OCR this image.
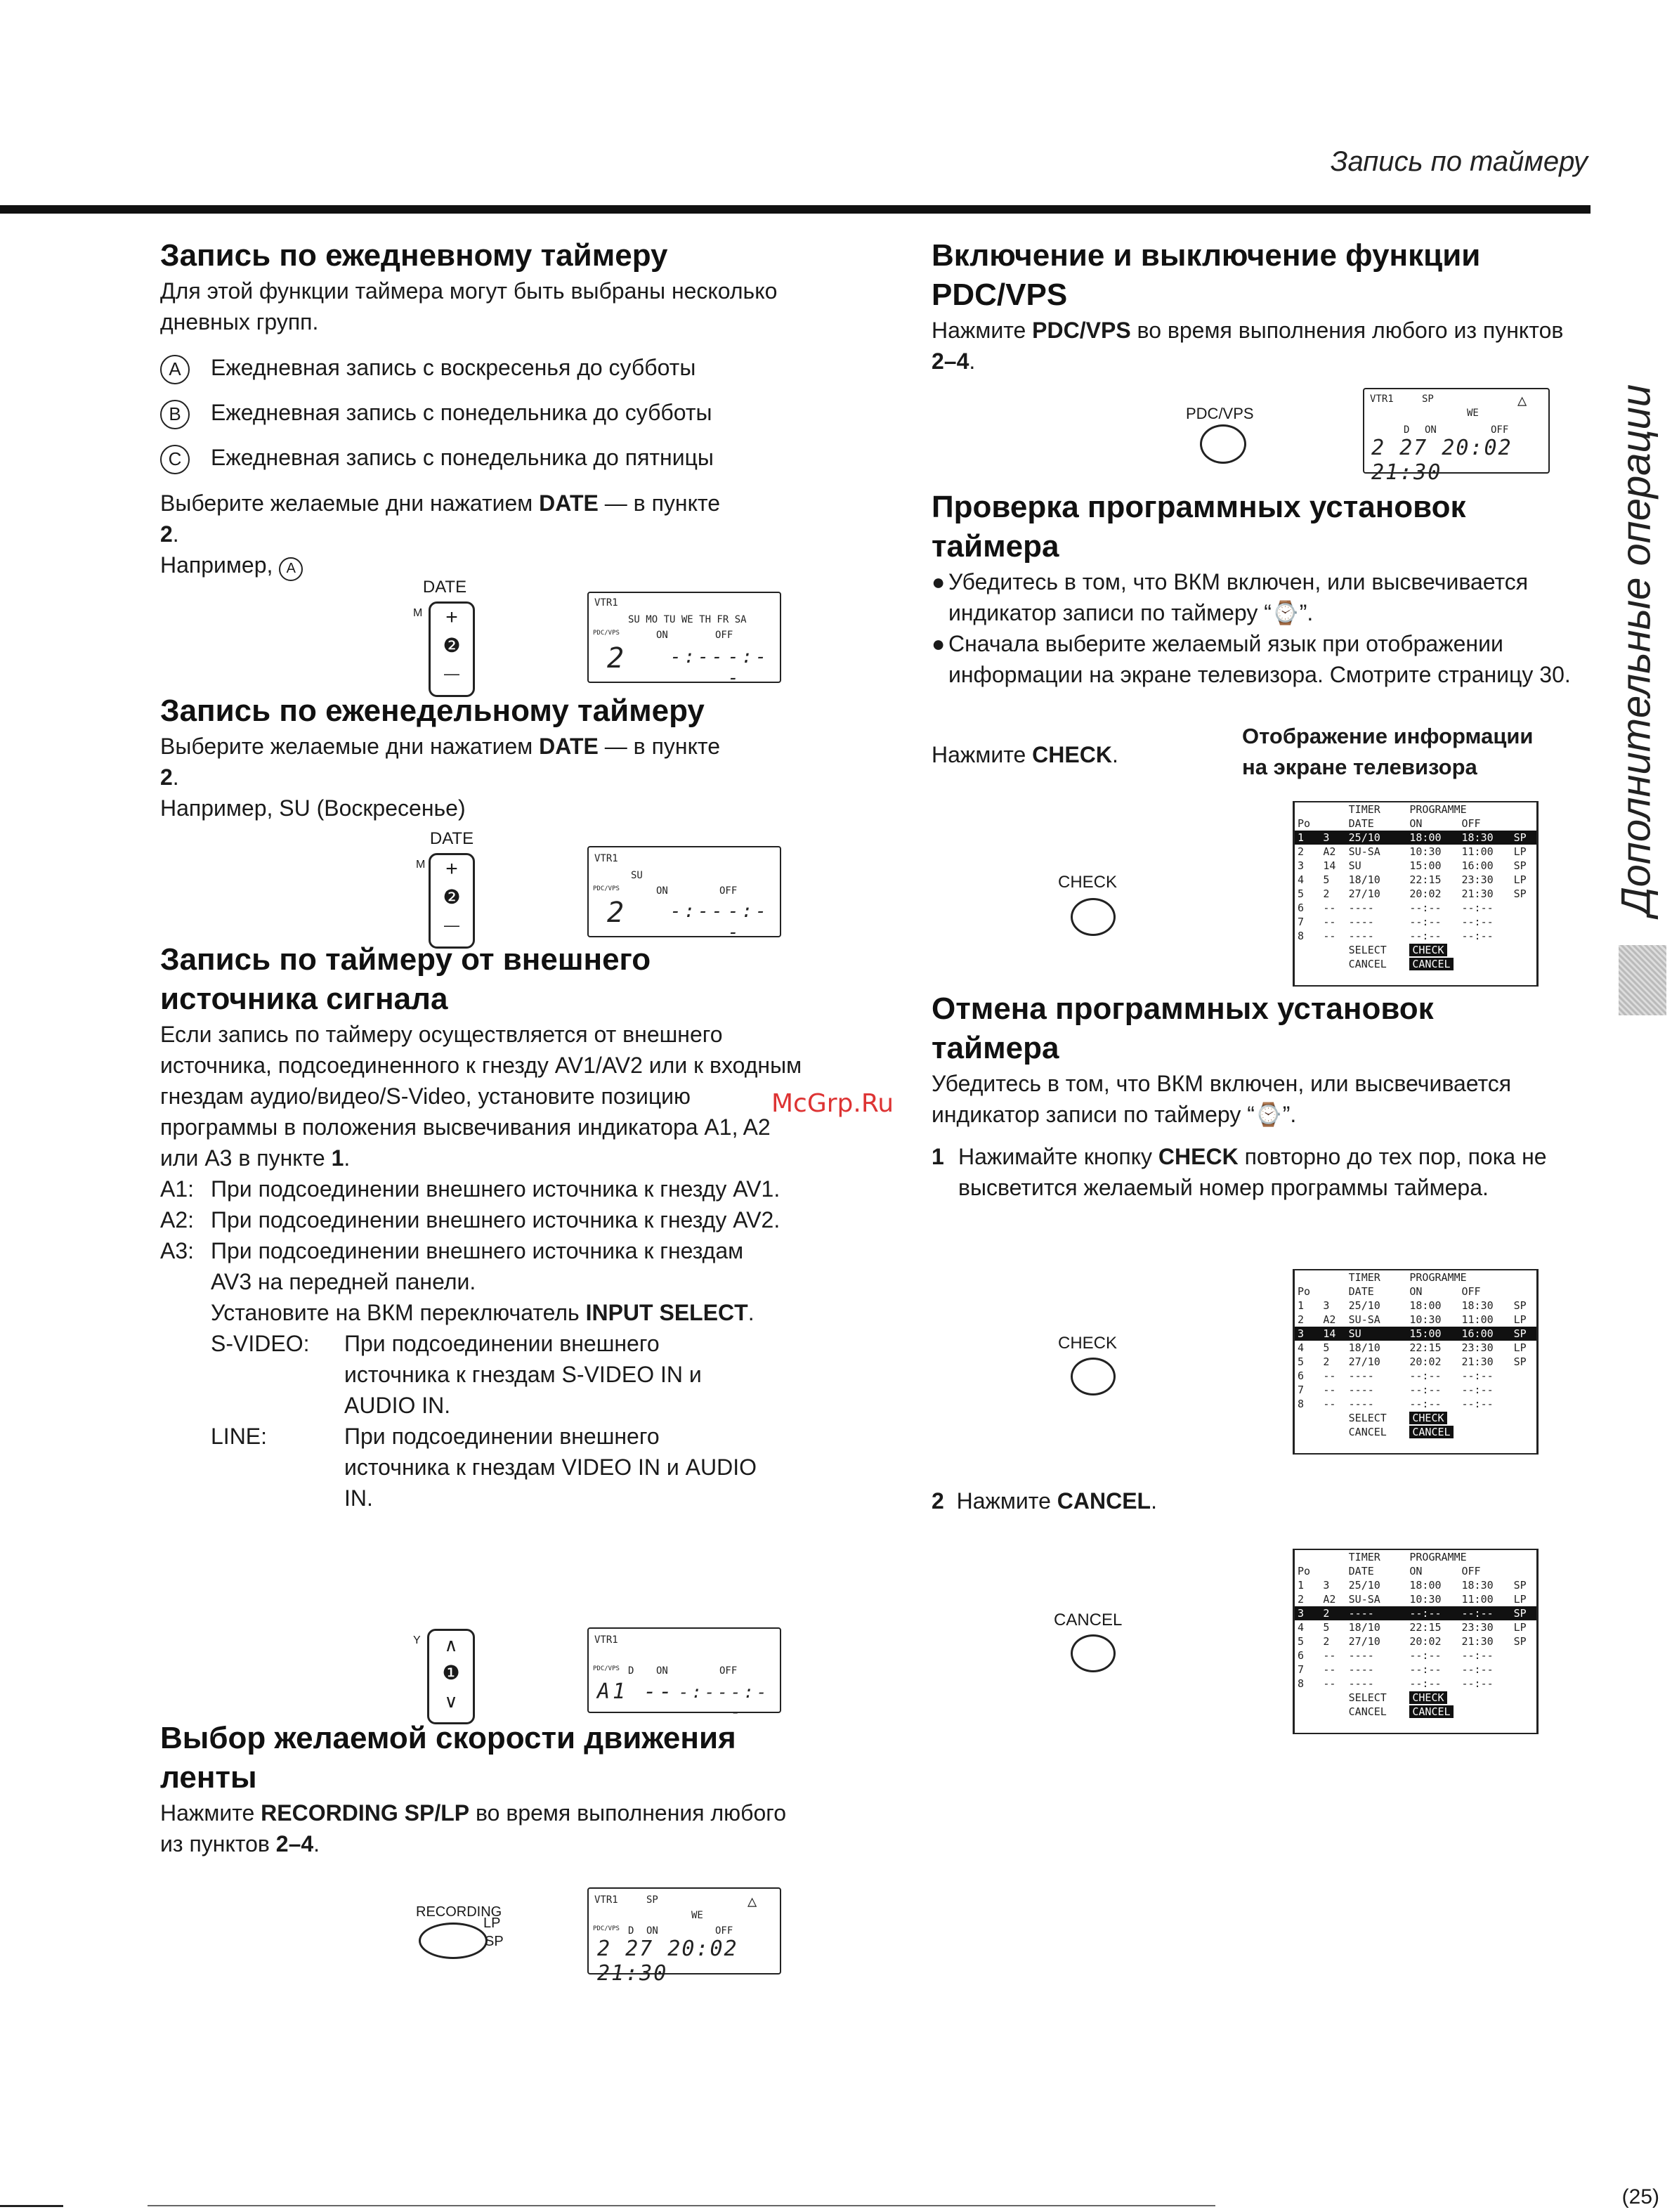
Запись по таймеру
Дополнительные операции
Запись по ежедневному таймеру

Для этой функции таймера могут быть выбраны несколько дневных групп.

A Ежедневная запись с воскресенья до субботы
B Ежедневная запись с понедельника до субботы
C Ежедневная запись с понедельника до пятницы

Выберите желаемые дни нажатием DATE — в пункте 2.

Например, A

DATE
M	+
❷
—
VTR1
SU MO TU WE TH FR SA
PDC/VPS	ON	OFF
2 -:-- -:--
Запись по еженедельному таймеру

Выберите желаемые дни нажатием DATE — в пункте 2.

Например, SU (Воскресенье)

DATE
M +
❷
—
VTR1
SU
PDC/VPS	ON	OFF
2 -:-- -:--
Запись по таймеру от внешнего
источника сигнала

Если запись по таймеру осуществляется от внешнего источника, подсоединенного к гнезду AV1/AV2 или к входным гнездам аудио/видео/S-Video, установите позицию программы в положения высвечивания индикатора A1, A2 или A3 в пункте 1.

A1: При подсоединении внешнего источника к гнезду AV1.
A2: При подсоединении внешнего источника к гнезду AV2.
A3: При подсоединении внешнего источника к гнездам AV3 на передней панели.
Установите на ВКМ переключатель INPUT SELECT.
S-VIDEO:	При подсоединении внешнего источника к гнездам S-VIDEO IN и AUDIO IN.
LINE:	При подсоединении внешнего источника к гнездам VIDEO IN и AUDIO IN.
Y	∧
❶
∨
VTR1
PDC/VPS D ON	OFF
A1 -- -:-- -:--
Выбор желаемой скорости движения
ленты

Нажмите RECORDING SP/LP во время выполнения любого из пунктов 2–4.

RECORDING
LP
SP
VTR1	SP
WE
△
PDC/VPS D ON	OFF
2 27 20:02 21:30
Включение и выключение функции
PDC/VPS

Нажмите PDC/VPS во время выполнения любого из пунктов 2–4.

PDC/VPS
VTR1	SP
WE
△
D ON	OFF
2 27 20:02 21:30
Проверка программных установок
таймера
● Убедитесь в том, что ВКМ включен, или высвечивается индикатор записи по таймеру “⌚”.
● Сначала выберите желаемый язык при отображении информации на экране телевизора. Смотрите страницу 30.
Нажмите CHECK.
Отображение информации
на экране телевизора
CHECK
		TIMER	PROGRAMME		
Po		DATE	ON	OFF	
1	3	25/10	18:00	18:30	SP
2	A2	SU-SA	10:30	11:00	LP
3	14	SU	15:00	16:00	SP
4	5	18/10	22:15	23:30	LP
5	2	27/10	20:02	21:30	SP
6	--	----	--:--	--:--	
7	--	----	--:--	--:--	
8	--	----	--:--	--:--	
		SELECT	CHECK		
		CANCEL	CANCEL		
Отмена программных установок
таймера

Убедитесь в том, что ВКМ включен, или высвечивается индикатор записи по таймеру “⌚”.

1 Нажимайте кнопку CHECK повторно до тех пор, пока не высветится желаемый номер программы таймера.
CHECK
		TIMER	PROGRAMME		
Po		DATE	ON	OFF	
1	3	25/10	18:00	18:30	SP
2	A2	SU-SA	10:30	11:00	LP
3	14	SU	15:00	16:00	SP
4	5	18/10	22:15	23:30	LP
5	2	27/10	20:02	21:30	SP
6	--	----	--:--	--:--	
7	--	----	--:--	--:--	
8	--	----	--:--	--:--	
		SELECT	CHECK		
		CANCEL	CANCEL		
2 Нажмите CANCEL.
CANCEL
		TIMER	PROGRAMME		
Po		DATE	ON	OFF	
1	3	25/10	18:00	18:30	SP
2	A2	SU-SA	10:30	11:00	LP
3	2	----	--:--	--:--	SP
4	5	18/10	22:15	23:30	LP
5	2	27/10	20:02	21:30	SP
6	--	----	--:--	--:--	
7	--	----	--:--	--:--	
8	--	----	--:--	--:--	
		SELECT	CHECK		
		CANCEL	CANCEL		
McGrp.Ru
(25)
